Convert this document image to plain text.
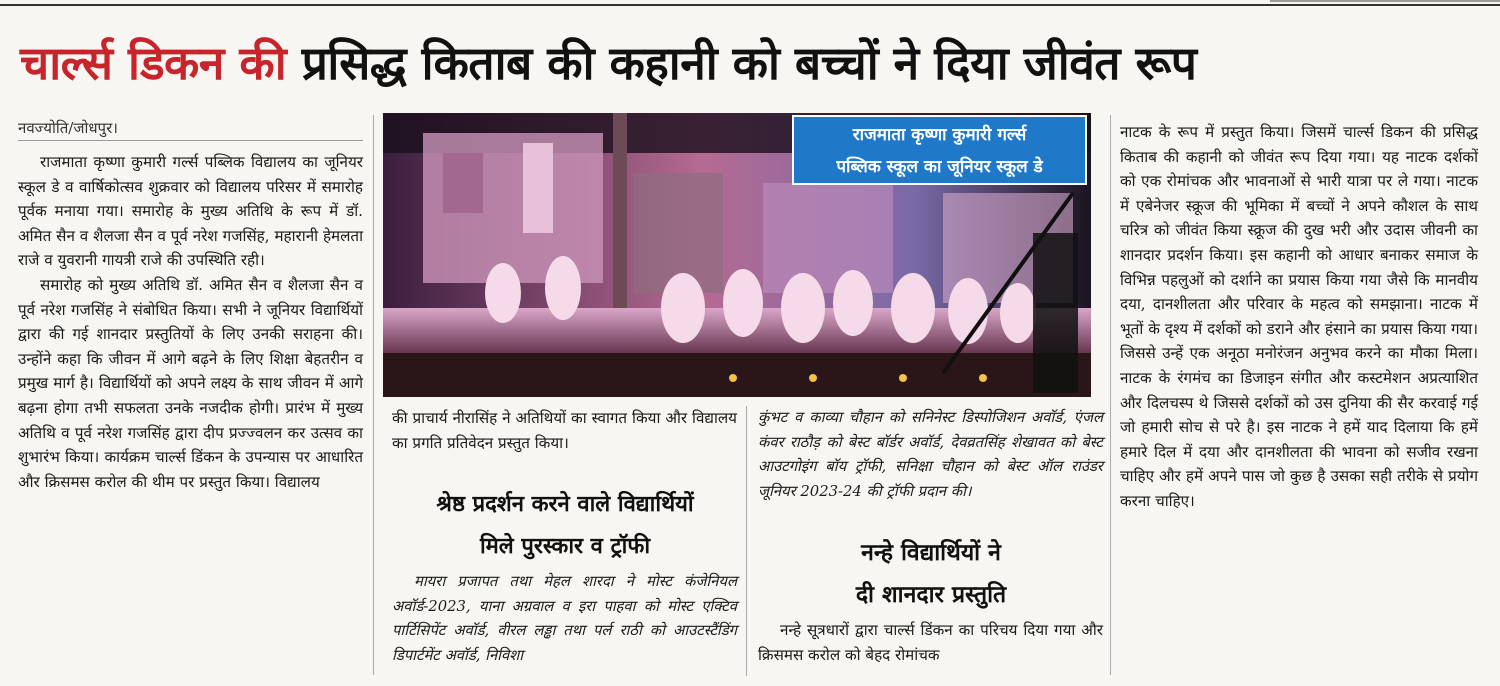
चार्ल्स डिकन की प्रसिद्ध किताब की कहानी को बच्चों ने दिया जीवंत रूप
नवज्योति/जोधपुर।

राजमाता कृष्णा कुमारी गर्ल्स पब्लिक विद्यालय का जूनियर स्कूल डे व वार्षिकोत्सव शुक्रवार को विद्यालय परिसर में समारोह पूर्वक मनाया गया। समारोह के मुख्य अतिथि के रूप में डॉ. अमित सैन व शैलजा सैन व पूर्व नरेश गजसिंह, महारानी हेमलता राजे व युवरानी गायत्री राजे की उपस्थिति रही।

समारोह को मुख्य अतिथि डॉ. अमित सैन व शैलजा सैन व पूर्व नरेश गजसिंह ने संबोधित किया। सभी ने जूनियर विद्यार्थियों द्वारा की गई शानदार प्रस्तुतियों के लिए उनकी सराहना की। उन्होंने कहा कि जीवन में आगे बढ़ने के लिए शिक्षा बेहतरीन व प्रमुख मार्ग है। विद्यार्थियों को अपने लक्ष्य के साथ जीवन में आगे बढ़ना होगा तभी सफलता उनके नजदीक होगी। प्रारंभ में मुख्य अतिथि व पूर्व नरेश गजसिंह द्वारा दीप प्रज्ज्वलन कर उत्सव का शुभारंभ किया। कार्यक्रम चार्ल्स डिंकन के उपन्यास पर आधारित और क्रिसमस करोल की थीम पर प्रस्तुत किया। विद्यालय

राजमाता कृष्णा कुमारी गर्ल्स
पब्लिक स्कूल का जूनियर स्कूल डे

की प्राचार्य नीरासिंह ने अतिथियों का स्वागत किया और विद्यालय का प्रगति प्रतिवेदन प्रस्तुत किया।

श्रेष्ठ प्रदर्शन करने वाले विद्यार्थियों
मिले पुरस्कार व ट्रॉफी

मायरा प्रजापत तथा मेहल शारदा ने मोस्ट कंजेनियल अवॉर्ड-2023, याना अग्रवाल व इरा पाहवा को मोस्ट एक्टिव पार्टिसिपेंट अवॉर्ड, वीरल लड्ढा तथा पर्ल राठी को आउटस्टैंडिंग डिपार्टमेंट अवॉर्ड, निविशा

कुंभट व काव्या चौहान को सनिनेस्ट डिस्पोजिशन अवॉर्ड, एंजल कंवर राठौड़ को बेस्ट बॉर्डर अवॉर्ड, देवव्रतसिंह शेखावत को बेस्ट आउटगोइंग बॉय ट्रॉफी, सनिक्षा चौहान को बेस्ट ऑल राउंडर जूनियर 2023-24 की ट्रॉफी प्रदान की।

नन्हे विद्यार्थियों ने
दी शानदार प्रस्तुति

नन्हे सूत्रधारों द्वारा चार्ल्स डिंकन का परिचय दिया गया और क्रिसमस करोल को बेहद रोमांचक

नाटक के रूप में प्रस्तुत किया। जिसमें चार्ल्स डिकन की प्रसिद्ध किताब की कहानी को जीवंत रूप दिया गया। यह नाटक दर्शकों को एक रोमांचक और भावनाओं से भारी यात्रा पर ले गया। नाटक में एबेनेजर स्क्रूज की भूमिका में बच्चों ने अपने कौशल के साथ चरित्र को जीवंत किया स्क्रूज की दुख भरी और उदास जीवनी का शानदार प्रदर्शन किया। इस कहानी को आधार बनाकर समाज के विभिन्न पहलुओं को दर्शाने का प्रयास किया गया जैसे कि मानवीय दया, दानशीलता और परिवार के महत्व को समझाना। नाटक में भूतों के दृश्य में दर्शकों को डराने और हंसाने का प्रयास किया गया। जिससे उन्हें एक अनूठा मनोरंजन अनुभव करने का मौका मिला। नाटक के रंगमंच का डिजाइन संगीत और कस्टमेशन अप्रत्याशित और दिलचस्प थे जिससे दर्शकों को उस दुनिया की सैर करवाई गई जो हमारी सोच से परे है। इस नाटक ने हमें याद दिलाया कि हमें हमारे दिल में दया और दानशीलता की भावना को सजीव रखना चाहिए और हमें अपने पास जो कुछ है उसका सही तरीके से प्रयोग करना चाहिए।
